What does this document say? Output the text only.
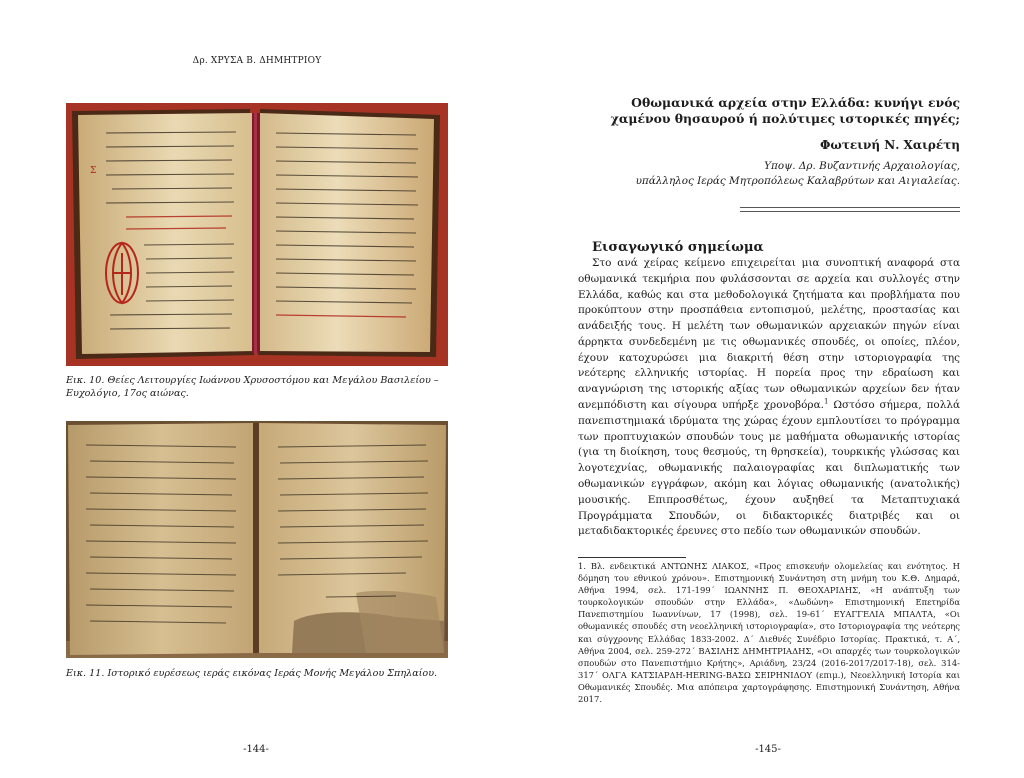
Δρ. ΧΡΥΣΑ Β. ΔΗΜΗΤΡΙΟΥ
Σ
Εικ. 10. Θείες Λειτουργίες Ιωάννου Χρυσοστόμου και Μεγάλου Βασιλείου – Ευχολόγιο, 17ος αιώνας.
Εικ. 11. Ιστορικό ευρέσεως ιεράς εικόνας Ιεράς Μονής Μεγάλου Σπηλαίου.
-144-
Οθωμανικά αρχεία στην Ελλάδα: κυνήγι ενός χαμένου θησαυρού ή πολύτιμες ιστορικές πηγές;
Φωτεινή Ν. Χαιρέτη
Υποψ. Δρ. Βυζαντινής Αρχαιολογίας,
υπάλληλος Ιεράς Μητροπόλεως Καλαβρύτων και Αιγιαλείας.
Εισαγωγικό σημείωμα
Στο ανά χείρας κείμενο επιχειρείται μια συνοπτική αναφορά στα οθωμανικά τεκμήρια που φυλάσσονται σε αρχεία και συλλογές στην Ελλάδα, καθώς και στα μεθοδολογικά ζητήματα και προβλήματα που προκύπτουν στην προσπάθεια εντοπισμού, μελέτης, προστασίας και ανάδειξής τους. Η μελέτη των οθωμανικών αρχειακών πηγών είναι άρρηκτα συνδεδεμένη με τις οθωμανικές σπουδές, οι οποίες, πλέον, έχουν κατοχυρώσει μια διακριτή θέση στην ιστοριογραφία της νεότερης ελληνικής ιστορίας. Η πορεία προς την εδραίωση και αναγνώριση της ιστορικής αξίας των οθωμανικών αρχείων δεν ήταν ανεμπόδιστη και σίγουρα υπήρξε χρονοβόρα.$^1$ Ωστόσο σήμερα, πολλά πανεπιστημιακά ιδρύματα της χώρας έχουν εμπλουτίσει το πρόγραμμα των προπτυχιακών σπουδών τους με μαθήματα οθωμανικής ιστορίας (για τη διοίκηση, τους θεσμούς, τη θρησκεία), τουρκικής γλώσσας και λογοτεχνίας, οθωμανικής παλαιογραφίας και διπλωματικής των οθωμανικών εγγράφων, ακόμη και λόγιας οθωμανικής (ανατολικής) μουσικής. Επιπροσθέτως, έχουν αυξηθεί τα Μεταπτυχιακά Προγράμματα Σπουδών, οι διδακτορικές διατριβές και οι μεταδιδακτορικές έρευνες στο πεδίο των οθωμανικών σπουδών.
1. Βλ. ενδεικτικά ΑΝΤΩΝΗΣ ΛΙΑΚΟΣ, «Προς επισκευήν ολομελείας και ενότητος. Η δόμηση του εθνικού χρόνου». Επιστημονική Συνάντηση στη μνήμη του Κ.Θ. Δημαρά, Αθήνα 1994, σελ. 171-199΄ ΙΩΑΝΝΗΣ Π. ΘΕΟΧΑΡΙΔΗΣ, «Η ανάπτυξη των τουρκολογικών σπουδών στην Ελλάδα», «Δωδώνη» Επιστημονική Επετηρίδα Πανεπιστημίου Ιωαννίνων, 17 (1998), σελ. 19-61΄ ΕΥΑΓΓΕΛΙΑ ΜΠΑΛΤΑ, «Οι οθωμανικές σπουδές στη νεοελληνική ιστοριογραφία», στο Ιστοριογραφία της νεότερης και σύγχρονης Ελλάδας 1833-2002. Δ΄ Διεθνές Συνέδριο Ιστορίας. Πρακτικά, τ. Α΄, Αθήνα 2004, σελ. 259-272΄ ΒΑΣΙΛΗΣ ΔΗΜΗΤΡΙΑΔΗΣ, «Οι απαρχές των τουρκολογικών σπουδών στο Πανεπιστήμιο Κρήτης», Αριάδνη, 23/24 (2016-2017/2017-18), σελ. 314-317΄ ΟΛΓΑ ΚΑΤΣΙΑΡΔΗ-HERING-ΒΑΣΩ ΣΕΙΡΗΝΙΔΟΥ (επιμ.), Νεοελληνική Ιστορία και Οθωμανικές Σπουδές. Μια απόπειρα χαρτογράφησης. Επιστημονική Συνάντηση, Αθήνα 2017.
-145-
